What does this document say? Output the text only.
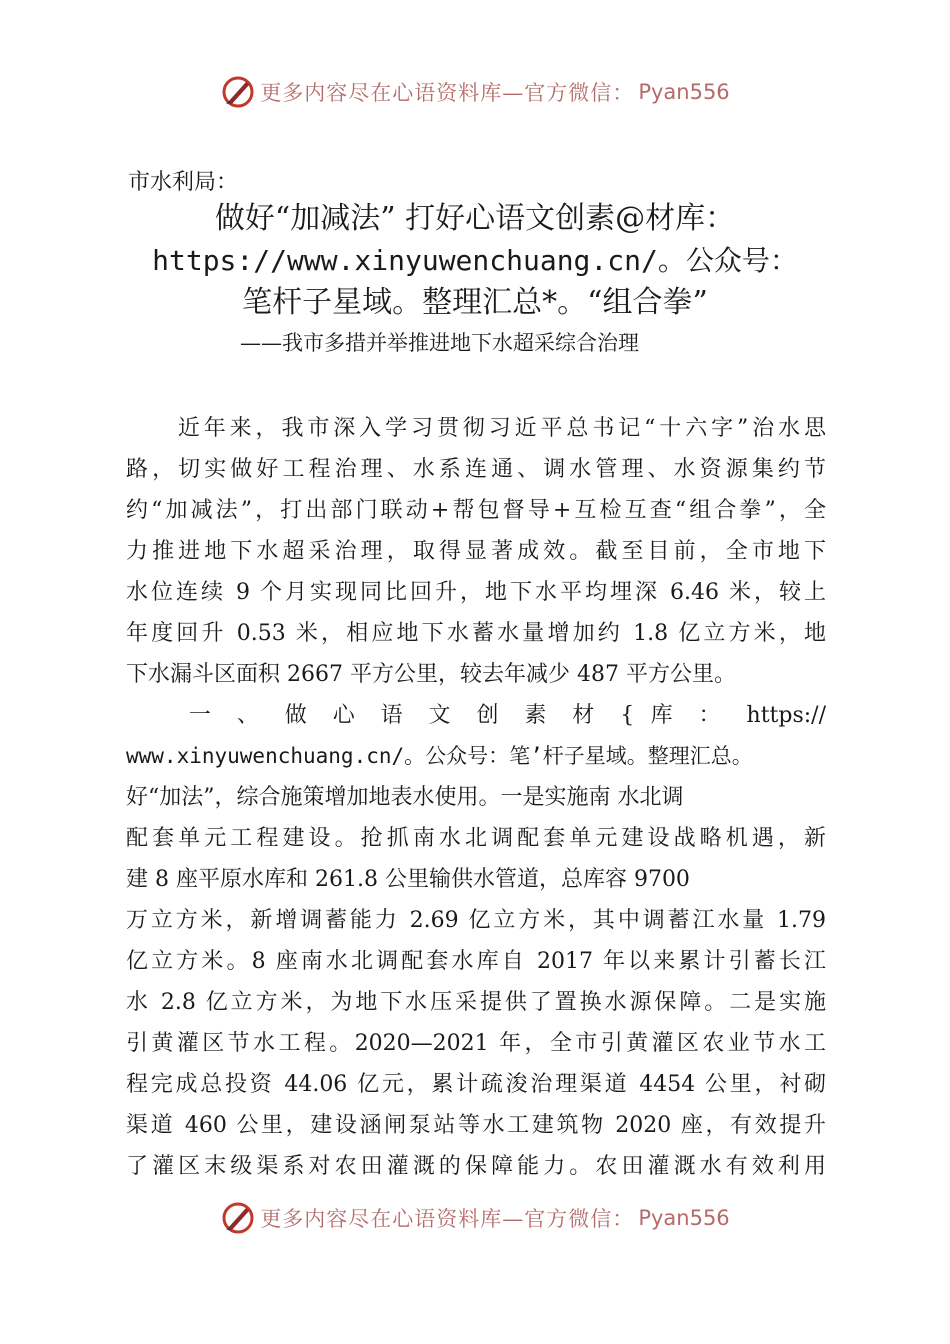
更多内容尽在心语资料库—官方微信： Pyan556
市水利局：
做好“加减法” 打好心语文创素@材库：
https://www.xinyuwenchuang.cn/。公众号：
笔杆子星域。整理汇总*。“组合拳”
——我市多措并举推进地下水超采综合治理

　　近年来，我市深入学习贯彻习近平总书记“十六字”治水思
路，切实做好工程治理、水系连通、调水管理、水资源集约节
约“加减法”，打出部门联动+帮包督导+互检互查“组合拳”，全
力推进地下水超采治理，取得显著成效。截至目前，全市地下
水位连续 9 个月实现同比回升，地下水平均埋深 6.46 米，较上
年度回升 0.53 米，相应地下水蓄水量增加约 1.8 亿立方米，地
下水漏斗区面积 2667 平方公里，较去年减少 487 平方公里。

　　一 、 做 心 语 文 创 素 材 { 库 ： https://
www.xinyuwenchuang.cn/。公众号：笔’杆子星域。整理汇总。
好“加法”，综合施策增加地表水使用。一是实施南 水北调
配套单元工程建设。抢抓南水北调配套单元建设战略机遇，新
建 8 座平原水库和 261.8 公里输供水管道，总库容 9700
万立方米，新增调蓄能力 2.69 亿立方米，其中调蓄江水量 1.79
亿立方米。8 座南水北调配套水库自 2017 年以来累计引蓄长江
水 2.8 亿立方米，为地下水压采提供了置换水源保障。二是实施
引黄灌区节水工程。2020—2021 年，全市引黄灌区农业节水工
程完成总投资 44.06 亿元，累计疏浚治理渠道 4454 公里，衬砌
渠道 460 公里，建设涵闸泵站等水工建筑物 2020 座，有效提升
了灌区末级渠系对农田灌溉的保障能力。农田灌溉水有效利用

更多内容尽在心语资料库—官方微信： Pyan556
